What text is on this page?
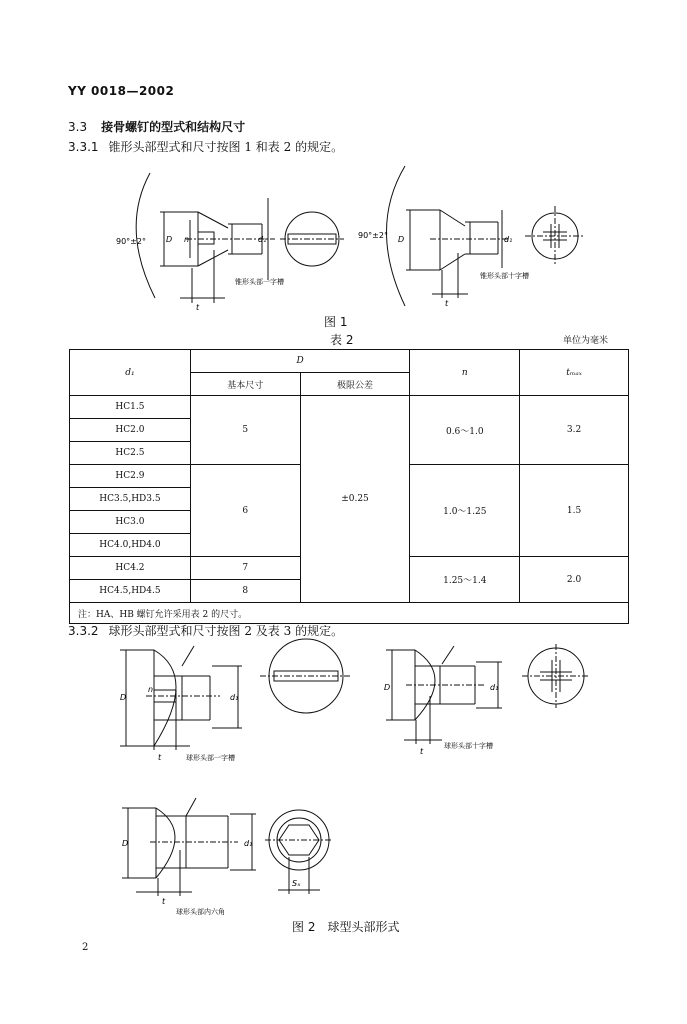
YY 0018—2002
3.3 接骨螺钉的型式和结构尺寸
3.3.1 锥形头部型式和尺寸按图 1 和表 2 的规定。
90°±2°
90°±2°
D n	d₁
t
D	d₁
t
锥形头部一字槽
锥形头部十字槽
图 1
表 2	单位为毫米
d₁	D		n	tₘₐₓ
	基本尺寸	极限公差		
HC1.5	5	±0.25	0.6～1.0	3.2
HC2.0				
HC2.5				
HC2.9	6		1.0～1.25	1.5
HC3.5,HD3.5				
HC3.0				
HC4.0,HD4.0				
HC4.2	7		1.25～1.4	2.0
HC4.5,HD4.5	8			
注：HA、HB 螺钉允许采用表 2 的尺寸。				
3.3.2 球形头部型式和尺寸按图 2 及表 3 的规定。
D
n
d₁
t	球形头部一字槽
D	d₁
t
球形头部十字槽
D	d₁
t
Sₓ
球形头部内六角
图 2　球型头部形式
2
